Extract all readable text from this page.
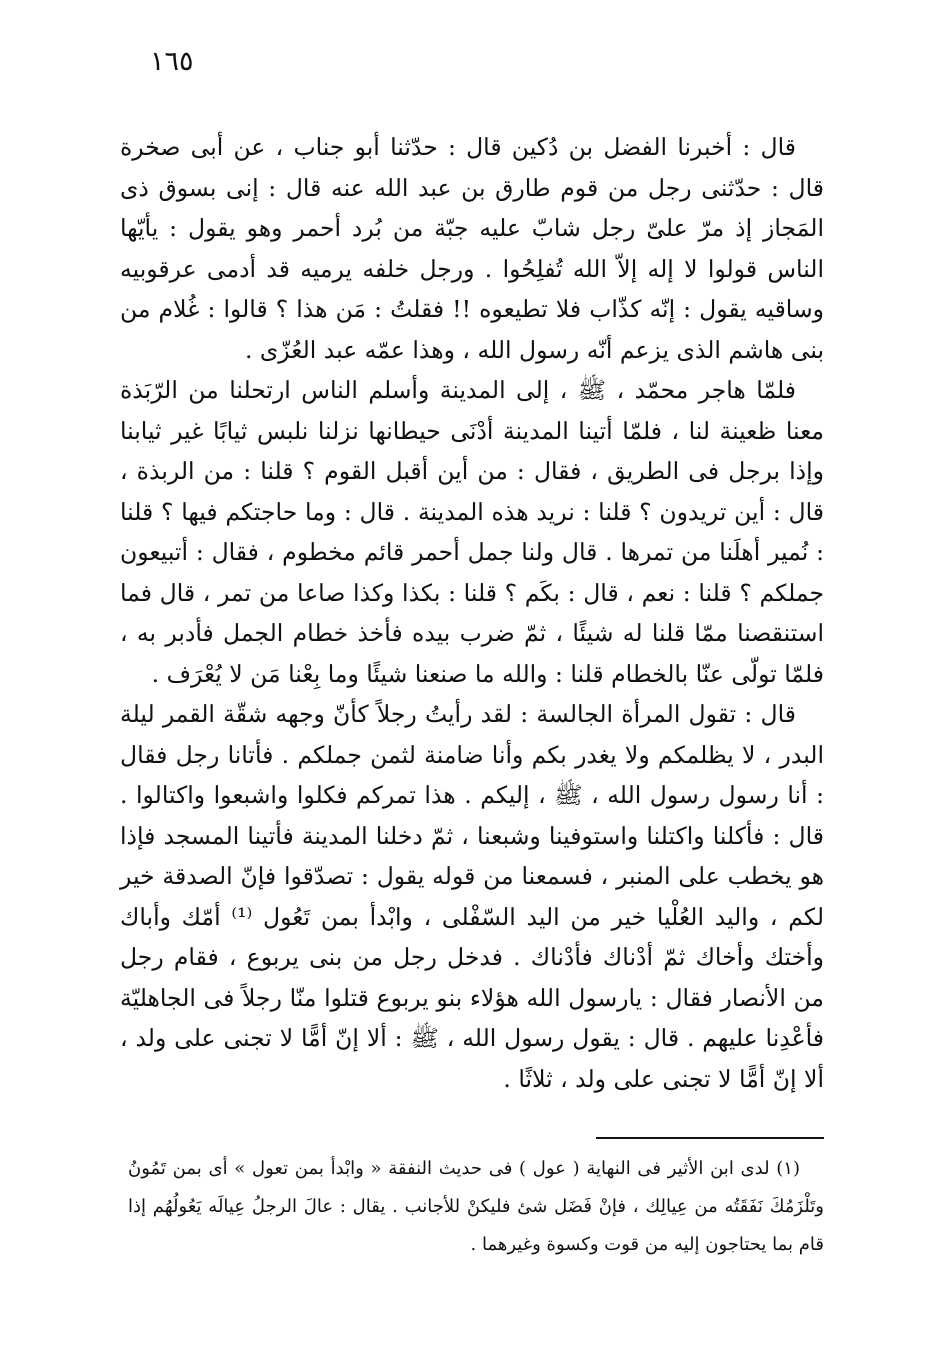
١٦٥

قال : أخبرنا الفضل بن دُكين قال : حدّثنا أبو جناب ، عن أبى صخرة قال : حدّثنى رجل من قوم طارق بن عبد الله عنه قال : إنى بسوق ذى المَجاز إذ مرّ علىّ رجل شابّ عليه جبّة من بُرد أحمر وهو يقول : يأيّها الناس قولوا لا إله إلاّ الله تُفلِحُوا . ورجل خلفه يرميه قد أدمى عرقوبيه وساقيه يقول : إنّه كذّاب فلا تطيعوه !! فقلتُ : مَن هذا ؟ قالوا : غُلام من بنى هاشم الذى يزعم أنّه رسول الله ، وهذا عمّه عبد العُزّى .

فلمّا هاجر محمّد ، ﷺ ، إلى المدينة وأسلم الناس ارتحلنا من الرّبَذة معنا ظعينة لنا ، فلمّا أتينا المدينة أدْنَى حيطانها نزلنا نلبس ثيابًا غير ثيابنا وإذا برجل فى الطريق ، فقال : من أين أقبل القوم ؟ قلنا : من الربذة ، قال : أين تريدون ؟ قلنا : نريد هذه المدينة . قال : وما حاجتكم فيها ؟ قلنا : نُمير أهلَنا من تمرها . قال ولنا جمل أحمر قائم مخطوم ، فقال : أتبيعون جملكم ؟ قلنا : نعم ، قال : بكَم ؟ قلنا : بكذا وكذا صاعا من تمر ، قال فما استنقصنا ممّا قلنا له شيئًا ، ثمّ ضرب بيده فأخذ خطام الجمل فأدبر به ، فلمّا تولّى عنّا بالخطام قلنا : والله ما صنعنا شيئًا وما بِعْنا مَن لا يُعْرَف .

قال : تقول المرأة الجالسة : لقد رأيتُ رجلاً كأنّ وجهه شقّة القمر ليلة البدر ، لا يظلمكم ولا يغدر بكم وأنا ضامنة لثمن جملكم . فأتانا رجل فقال : أنا رسول رسول الله ، ﷺ ، إليكم . هذا تمركم فكلوا واشبعوا واكتالوا . قال : فأكلنا واكتلنا واستوفينا وشبعنا ، ثمّ دخلنا المدينة فأتينا المسجد فإذا هو يخطب على المنبر ، فسمعنا من قوله يقول : تصدّقوا فإنّ الصدقة خير لكم ، واليد العُلْيا خير من اليد السّفْلى ، وابْدأ بمن تَعُول ⁽¹⁾ أمّك وأباك وأختك وأخاك ثمّ أدْناك فأدْناك . فدخل رجل من بنى يربوع ، فقام رجل من الأنصار فقال : يارسول الله هؤلاء بنو يربوع قتلوا منّا رجلاً فى الجاهليّة فأعْدِنا عليهم . قال : يقول رسول الله ، ﷺ : ألا إنّ أمًّا لا تجنى على ولد ، ألا إنّ أمًّا لا تجنى على ولد ، ثلاثًا .

(١) لدى ابن الأثير فى النهاية ( عول ) فى حديث النفقة « وابْدأ بمن تعول » أى بمن تَمُونُ وتَلْزَمُكَ نَفَقَتُه من عِيالِك ، فإنْ فَضَل شئ فليكنْ للأجانب . يقال : عالَ الرجلُ عِيالَه يَعُولُهُم إذا قام بما يحتاجون إليه من قوت وكسوة وغيرهما .
